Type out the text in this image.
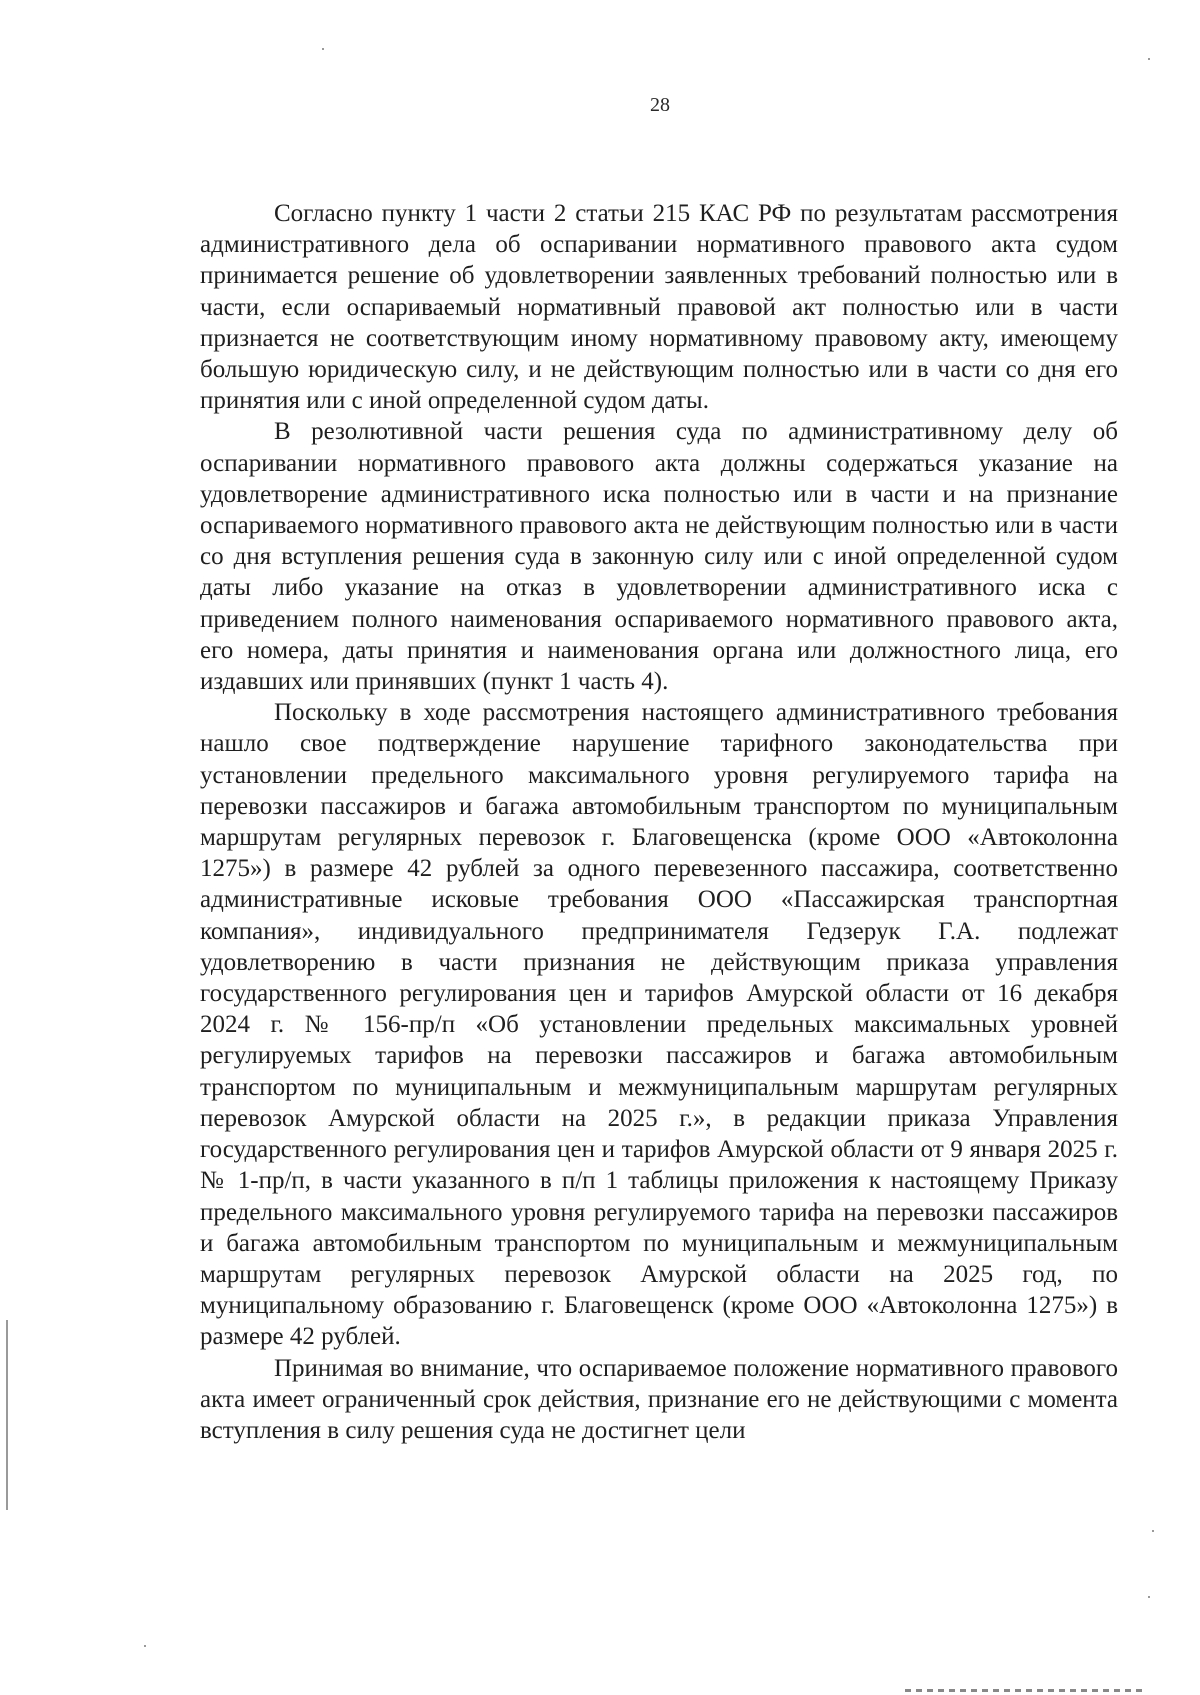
28

Согласно пункту 1 части 2 статьи 215 КАС РФ по результатам рассмотрения административного дела об оспаривании нормативного правового акта судом принимается решение об удовлетворении заявленных требований полностью или в части, если оспариваемый нормативный правовой акт полностью или в части признается не соответствующим иному нормативному правовому акту, имеющему большую юридическую силу, и не действующим полностью или в части со дня его принятия или с иной определенной судом даты.

В резолютивной части решения суда по административному делу об оспаривании нормативного правового акта должны содержаться указание на удовлетворение административного иска полностью или в части и на признание оспариваемого нормативного правового акта не действующим полностью или в части со дня вступления решения суда в законную силу или с иной определенной судом даты либо указание на отказ в удовлетворении административного иска с приведением полного наименования оспариваемого нормативного правового акта, его номера, даты принятия и наименования органа или должностного лица, его издавших или принявших (пункт 1 часть 4).

Поскольку в ходе рассмотрения настоящего административного требования нашло свое подтверждение нарушение тарифного законодательства при установлении предельного максимального уровня регулируемого тарифа на перевозки пассажиров и багажа автомобильным транспортом по муниципальным маршрутам регулярных перевозок г. Благовещенска (кроме ООО «Автоколонна 1275») в размере 42 рублей за одного перевезенного пассажира, соответственно административные исковые требования ООО «Пассажирская транспортная компания», индивидуального предпринимателя Гедзерук Г.А. подлежат удовлетворению в части признания не действующим приказа управления государственного регулирования цен и тарифов Амурской области от 16 декабря 2024 г. № 156-пр/п «Об установлении предельных максимальных уровней регулируемых тарифов на перевозки пассажиров и багажа автомобильным транспортом по муниципальным и межмуниципальным маршрутам регулярных перевозок Амурской области на 2025 г.», в редакции приказа Управления государственного регулирования цен и тарифов Амурской области от 9 января 2025 г. № 1-пр/п, в части указанного в п/п 1 таблицы приложения к настоящему Приказу предельного максимального уровня регулируемого тарифа на перевозки пассажиров и багажа автомобильным транспортом по муниципальным и межмуниципальным маршрутам регулярных перевозок Амурской области на 2025 год, по муниципальному образованию г. Благовещенск (кроме ООО «Автоколонна 1275») в размере 42 рублей.

Принимая во внимание, что оспариваемое положение нормативного правового акта имеет ограниченный срок действия, признание его не действующими с момента вступления в силу решения суда не достигнет цели
